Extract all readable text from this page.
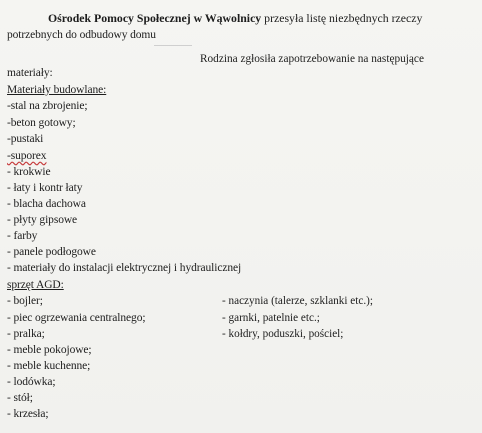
Ośrodek Pomocy Społecznej w Wąwolnicy przesyła listę niezbędnych rzeczy
potrzebnych do odbudowy domu
Rodzina zgłosiła zapotrzebowanie na następujące
materiały:
Materiały budowlane:
-stal na zbrojenie;
-beton gotowy;
-pustaki
-suporex
- krokwie
- łaty i kontr łaty
- blacha dachowa
- płyty gipsowe
- farby
- panele podłogowe
- materiały do instalacji elektrycznej i hydraulicznej
sprzęt AGD:
- bojler;
- piec ogrzewania centralnego;
- pralka;
- meble pokojowe;
- meble kuchenne;
- lodówka;
- stół;
- krzesła;
- naczynia (talerze, szklanki etc.);
- garnki, patelnie etc.;
- kołdry, poduszki, pościel;
